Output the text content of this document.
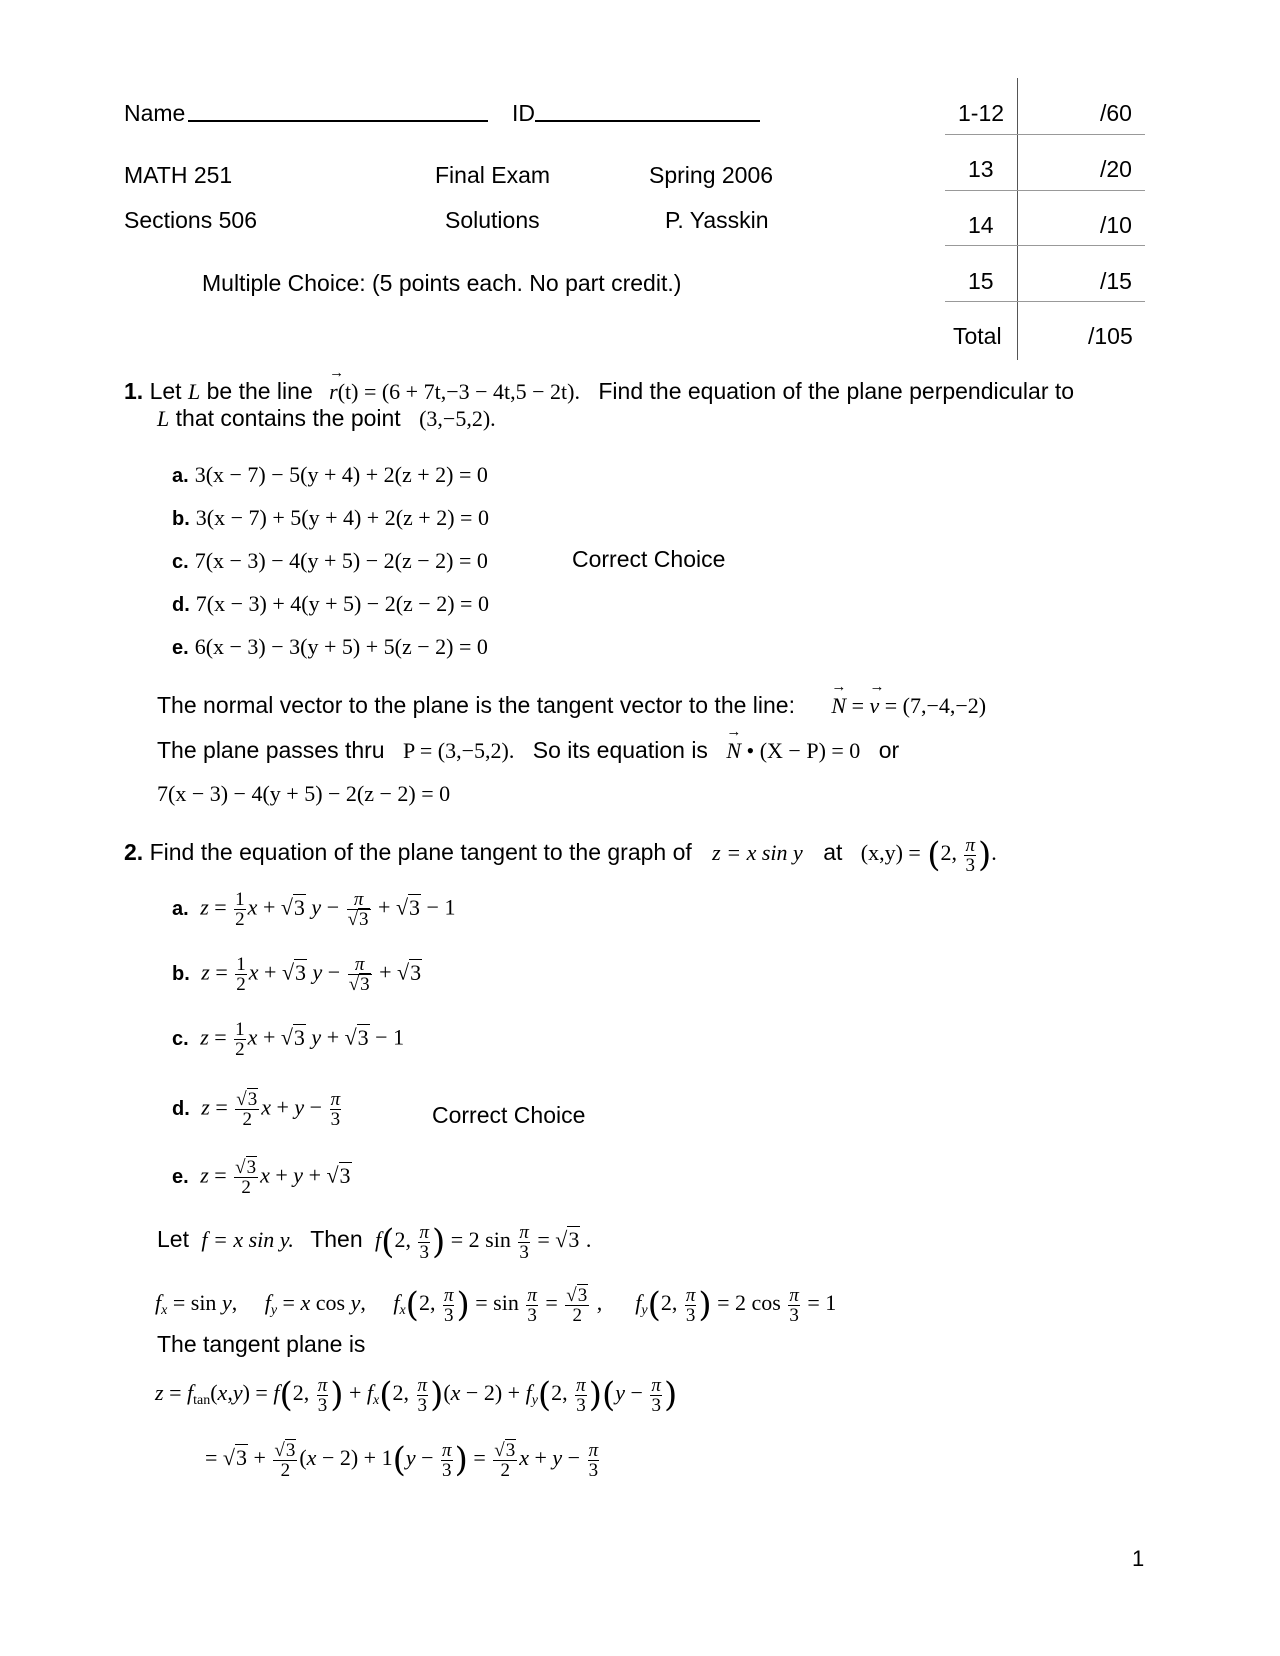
Name	ID
MATH 251	Final Exam	Spring 2006
Sections 506	Solutions	P. Yasskin
Multiple Choice: (5 points each. No part credit.)
1-12	/60
13	/20
14	/10
15	/15
Total	/105
1. Let L be the line → r(t) = (6 + 7t,−3 − 4t,5 − 2t). Find the equation of the plane perpendicular to
L that contains the point (3,−5,2).
a. 3(x − 7) − 5(y + 4) + 2(z + 2) = 0
b. 3(x − 7) + 5(y + 4) + 2(z + 2) = 0
c. 7(x − 3) − 4(y + 5) − 2(z − 2) = 0	Correct Choice
d. 7(x − 3) + 4(y + 5) − 2(z − 2) = 0
e. 6(x − 3) − 3(y + 5) + 5(z − 2) = 0
The normal vector to the plane is the tangent vector to the line: → N = → v = (7,−4,−2)
The plane passes thru P = (3,−5,2). So its equation is → N • (X − P) = 0 or
7(x − 3) − 4(y + 5) − 2(z − 2) = 0
2. Find the equation of the plane tangent to the graph of z = x sin y at (x,y) = (2, $\frac{\pi}{3}$ ).
a. $z = \frac{1}{2}$ x + √3 $y - \frac{\pi}{√3} + √3 - 1$
b. $z = \frac{1}{2}$ x + √3 $y - \frac{\pi}{√3} + √3$
c. $z = \frac{1}{2}$ x + √3 y + √3 − 1
d. $z = \frac{√3}{2}$ $x + y - \frac{\pi}{3}$	Correct Choice
e. $z = \frac{√3}{2}$ x + y + √3
Let f = x sin y. Then f(2, $\frac{\pi}{3}$ ) = 2 $\sin \frac{\pi}{3} = √3$ .
$f_x = \sin y$,     $f_y = x$ cos y,     $f_x(2$, $\frac{\pi}{3}$ ) = $\sin \frac{\pi}{3} = \frac{√3}{2}$ ,      $f_y(2$, $\frac{\pi}{3}$ ) = 2 $\cos \frac{\pi}{3} = 1$
The tangent plane is
$z = f_{tan}(x,y) = f(2$, $\frac{\pi}{3}$ ) + $f_x(2$, $\frac{\pi}{3} )(x - 2) + f_y(2$, $\frac{\pi}{3} )(y - \frac{\pi}{3}$ )
= $√3 + \frac{√3}{2} (x - 2) + 1(y - \frac{\pi}{3}$ ) = $\frac{√3}{2}$ $x + y - \frac{\pi}{3}$
1
